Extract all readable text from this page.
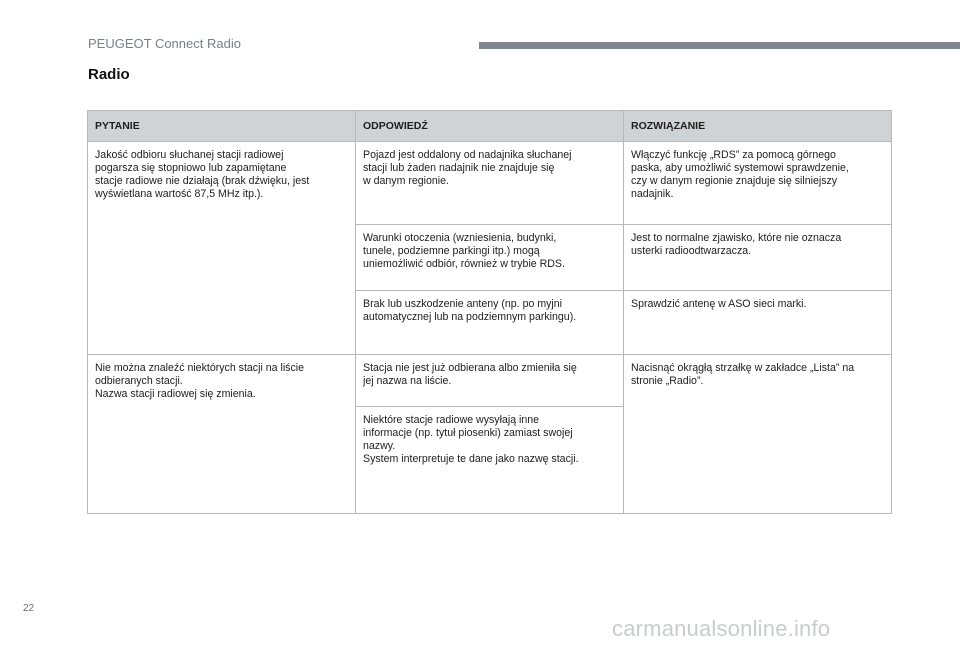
PEUGEOT Connect Radio
Radio
PYTANIE	ODPOWIEDŹ	ROZWIĄZANIE
Jakość odbioru słuchanej stacji radiowej
pogarsza się stopniowo lub zapamiętane
stacje radiowe nie działają (brak dźwięku, jest
wyświetlana wartość 87,5 MHz itp.).	Pojazd jest oddalony od nadajnika słuchanej
stacji lub żaden nadajnik nie znajduje się
w danym regionie.	Włączyć funkcję „RDS” za pomocą górnego
paska, aby umożliwić systemowi sprawdzenie,
czy w danym regionie znajduje się silniejszy
nadajnik.
	Warunki otoczenia (wzniesienia, budynki,
tunele, podziemne parkingi itp.) mogą
uniemożliwić odbiór, również w trybie RDS.	Jest to normalne zjawisko, które nie oznacza
usterki radioodtwarzacza.
	Brak lub uszkodzenie anteny (np. po myjni
automatycznej lub na podziemnym parkingu).	Sprawdzić antenę w ASO sieci marki.
Nie można znaleźć niektórych stacji na liście
odbieranych stacji.
Nazwa stacji radiowej się zmienia.	Stacja nie jest już odbierana albo zmieniła się
jej nazwa na liście.	Nacisnąć okrągłą strzałkę w zakładce „Lista” na
stronie „Radio”.
	Niektóre stacje radiowe wysyłają inne
informacje (np. tytuł piosenki) zamiast swojej
nazwy.
System interpretuje te dane jako nazwę stacji.	
22
carmanualsonline.info
